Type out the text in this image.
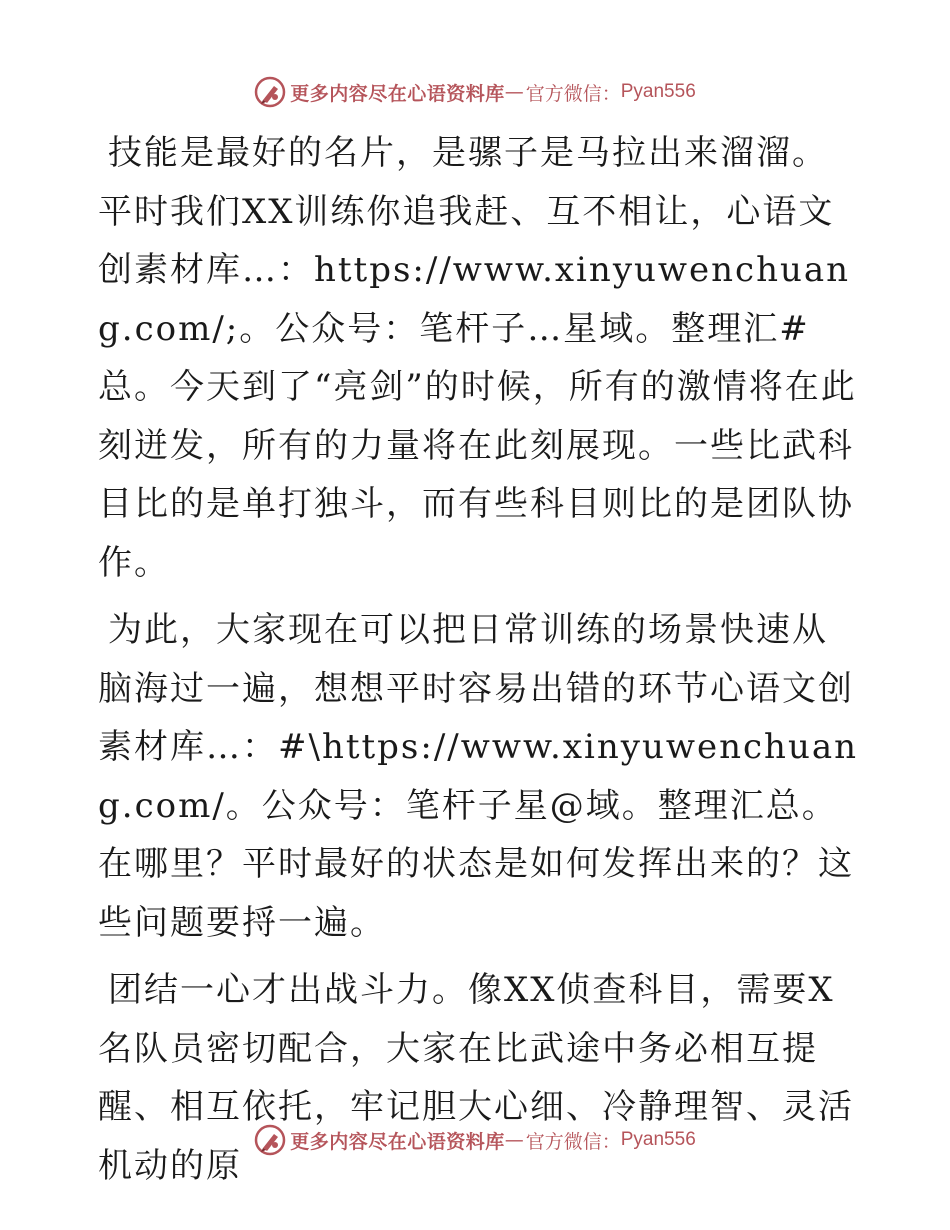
更多内容尽在心语资料库 — 官方微信： Pyan556

技能是最好的名片，是骡子是马拉出来溜溜。平时我们XX训练你追我赶、互不相让，心语文创素材库…：https://www.xinyuwenchuang.com/;。公众号：笔杆子…星域。整理汇#总。今天到了“亮剑”的时候，所有的激情将在此刻迸发，所有的力量将在此刻展现。一些比武科目比的是单打独斗，而有些科目则比的是团队协作。

为此，大家现在可以把日常训练的场景快速从脑海过一遍，想想平时容易出错的环节心语文创素材库…：#\https://www.xinyuwenchuang.com/。公众号：笔杆子星@域。整理汇总。在哪里？平时最好的状态是如何发挥出来的？这些问题要捋一遍。

团结一心才出战斗力。像XX侦查科目，需要X名队员密切配合，大家在比武途中务必相互提醒、相互依托，牢记胆大心细、冷静理智、灵活机动的原

更多内容尽在心语资料库 — 官方微信： Pyan556
